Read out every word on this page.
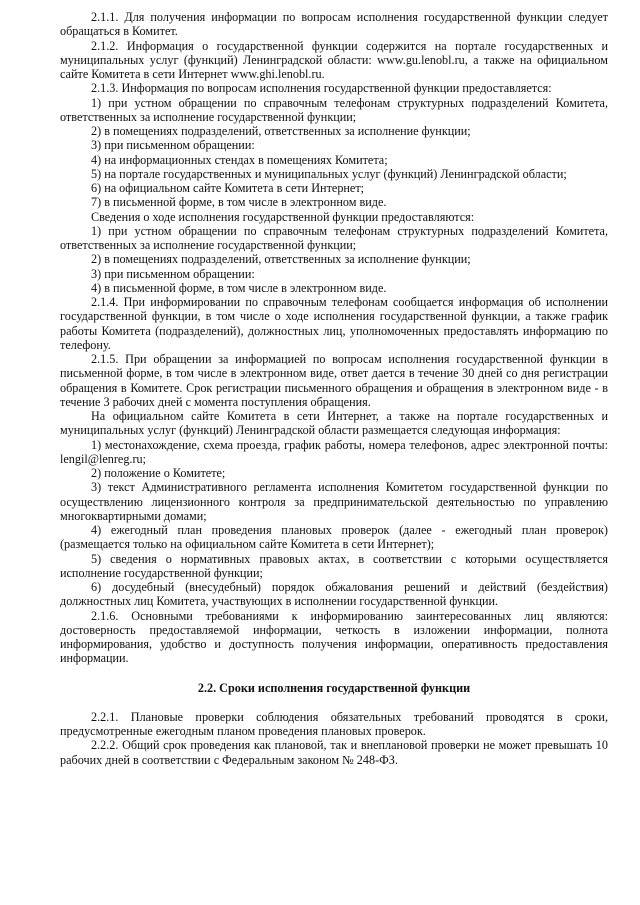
2.1.1. Для получения информации по вопросам исполнения государственной функции следует обращаться в Комитет.

2.1.2. Информация о государственной функции содержится на портале государственных и муниципальных услуг (функций) Ленинградской области: www.gu.lenobl.ru, а также на официальном сайте Комитета в сети Интернет www.ghi.lenobl.ru.

2.1.3. Информация по вопросам исполнения государственной функции предоставляется:

1) при устном обращении по справочным телефонам структурных подразделений Комитета, ответственных за исполнение государственной функции;

2) в помещениях подразделений, ответственных за исполнение функции;

3) при письменном обращении:

4) на информационных стендах в помещениях Комитета;

5) на портале государственных и муниципальных услуг (функций) Ленинградской области;

6) на официальном сайте Комитета в сети Интернет;

7) в письменной форме, в том числе в электронном виде.

Сведения о ходе исполнения государственной функции предоставляются:

1) при устном обращении по справочным телефонам структурных подразделений Комитета, ответственных за исполнение государственной функции;

2) в помещениях подразделений, ответственных за исполнение функции;

3) при письменном обращении:

4) в письменной форме, в том числе в электронном виде.

2.1.4. При информировании по справочным телефонам сообщается информация об исполнении государственной функции, в том числе о ходе исполнения государственной функции, а также график работы Комитета (подразделений), должностных лиц, уполномоченных предоставлять информацию по телефону.

2.1.5. При обращении за информацией по вопросам исполнения государственной функции в письменной форме, в том числе в электронном виде, ответ дается в течение 30 дней со дня регистрации обращения в Комитете. Срок регистрации письменного обращения и обращения в электронном виде - в течение 3 рабочих дней с момента поступления обращения.

На официальном сайте Комитета в сети Интернет, а также на портале государственных и муниципальных услуг (функций) Ленинградской области размещается следующая информация:

1) местонахождение, схема проезда, график работы, номера телефонов, адрес электронной почты: lengil@lenreg.ru;

2) положение о Комитете;

3) текст Административного регламента исполнения Комитетом государственной функции по осуществлению лицензионного контроля за предпринимательской деятельностью по управлению многоквартирными домами;

4) ежегодный план проведения плановых проверок (далее - ежегодный план проверок) (размещается только на официальном сайте Комитета в сети Интернет);

5) сведения о нормативных правовых актах, в соответствии с которыми осуществляется исполнение государственной функции;

6) досудебный (внесудебный) порядок обжалования решений и действий (бездействия) должностных лиц Комитета, участвующих в исполнении государственной функции.

2.1.6. Основными требованиями к информированию заинтересованных лиц являются: достоверность предоставляемой информации, четкость в изложении информации, полнота информирования, удобство и доступность получения информации, оперативность предоставления информации.

2.2. Сроки исполнения государственной функции

2.2.1. Плановые проверки соблюдения обязательных требований проводятся в сроки, предусмотренные ежегодным планом проведения плановых проверок.

2.2.2. Общий срок проведения как плановой, так и внеплановой проверки не может превышать 10 рабочих дней в соответствии с Федеральным законом № 248-ФЗ.
